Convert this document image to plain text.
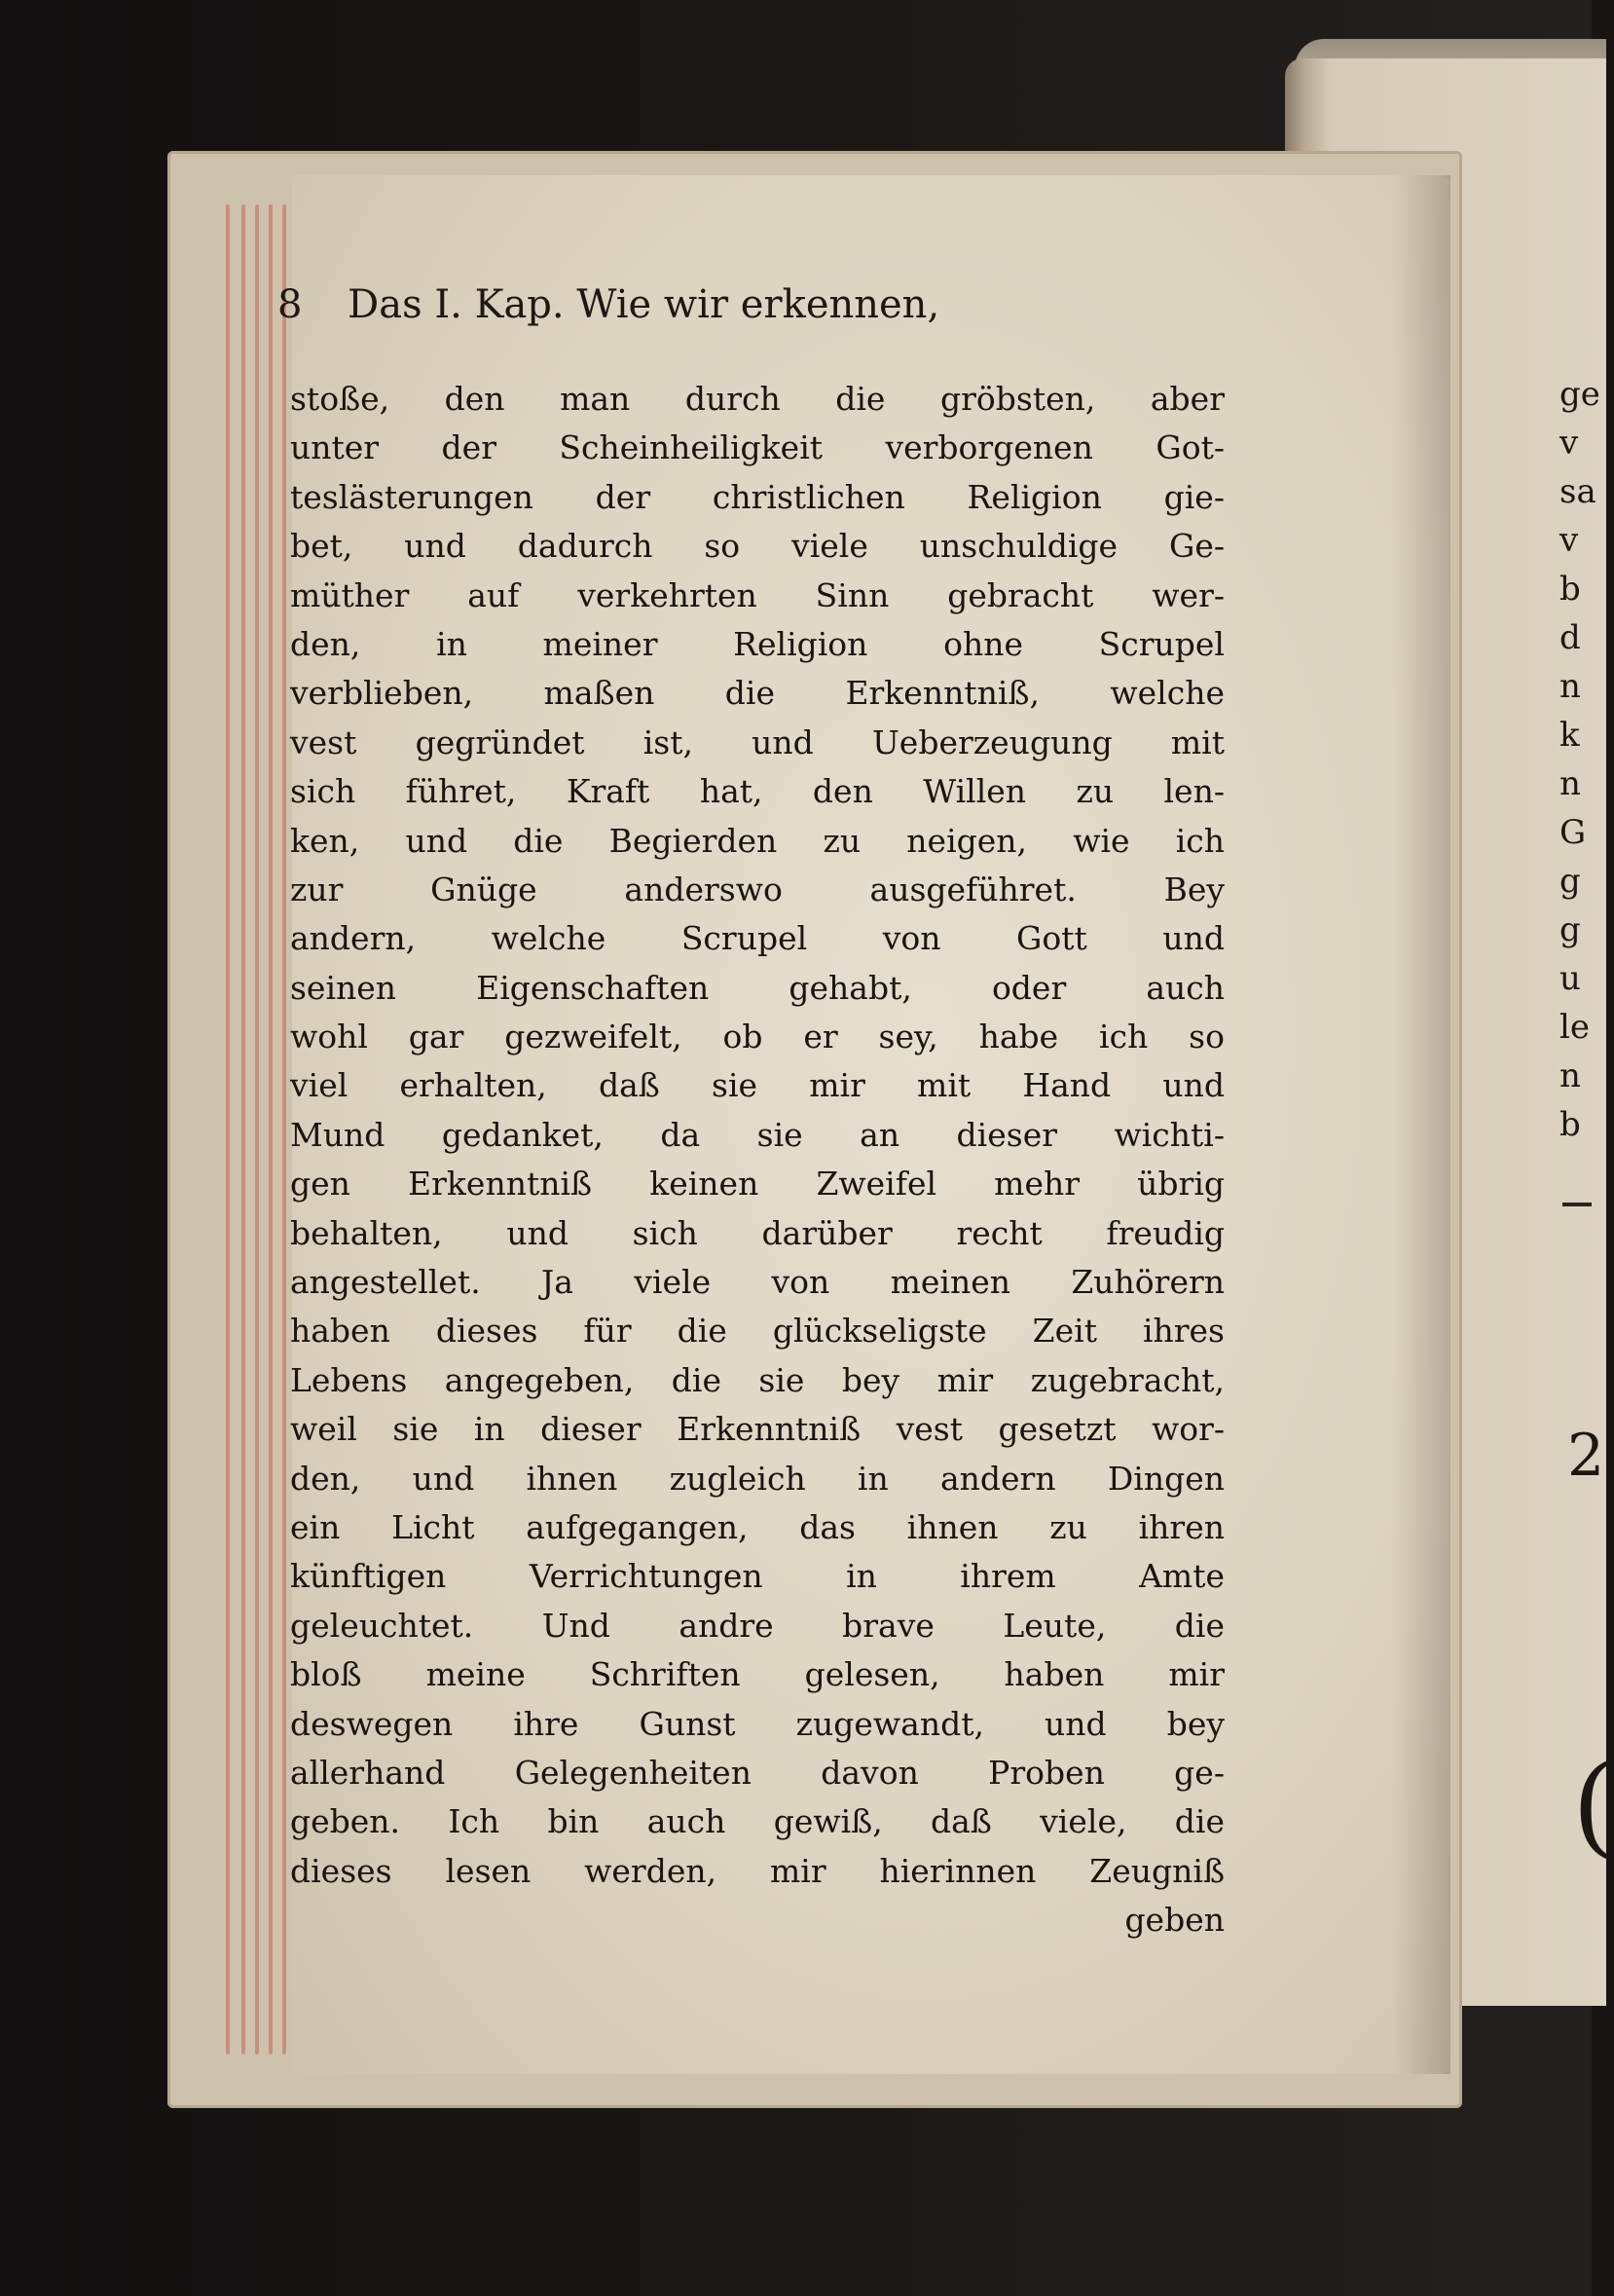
8 Das I. Kap. Wie wir erkennen,
stoße, den man durch die gröbsten, aber
unter der Scheinheiligkeit verborgenen Got-
teslästerungen der christlichen Religion gie-
bet, und dadurch so viele unschuldige Ge-
müther auf verkehrten Sinn gebracht wer-
den, in meiner Religion ohne Scrupel
verblieben, maßen die Erkenntniß, welche
vest gegründet ist, und Ueberzeugung mit
sich führet, Kraft hat, den Willen zu len-
ken, und die Begierden zu neigen, wie ich
zur Gnüge anderswo ausgeführet. Bey
andern, welche Scrupel von Gott und
seinen Eigenschaften gehabt, oder auch
wohl gar gezweifelt, ob er sey, habe ich so
viel erhalten, daß sie mir mit Hand und
Mund gedanket, da sie an dieser wichti-
gen Erkenntniß keinen Zweifel mehr übrig
behalten, und sich darüber recht freudig
angestellet. Ja viele von meinen Zuhörern
haben dieses für die glückseligste Zeit ihres
Lebens angegeben, die sie bey mir zugebracht,
weil sie in dieser Erkenntniß vest gesetzt wor-
den, und ihnen zugleich in andern Dingen
ein Licht aufgegangen, das ihnen zu ihren
künftigen Verrichtungen in ihrem Amte
geleuchtet. Und andre brave Leute, die
bloß meine Schriften gelesen, haben mir
deswegen ihre Gunst zugewandt, und bey
allerhand Gelegenheiten davon Proben ge-
geben. Ich bin auch gewiß, daß viele, die
dieses lesen werden, mir hierinnen Zeugniß
geben
ge
v
sa
v
b
d
n
k
n
G
g
g
u
le
n
b
2
(
